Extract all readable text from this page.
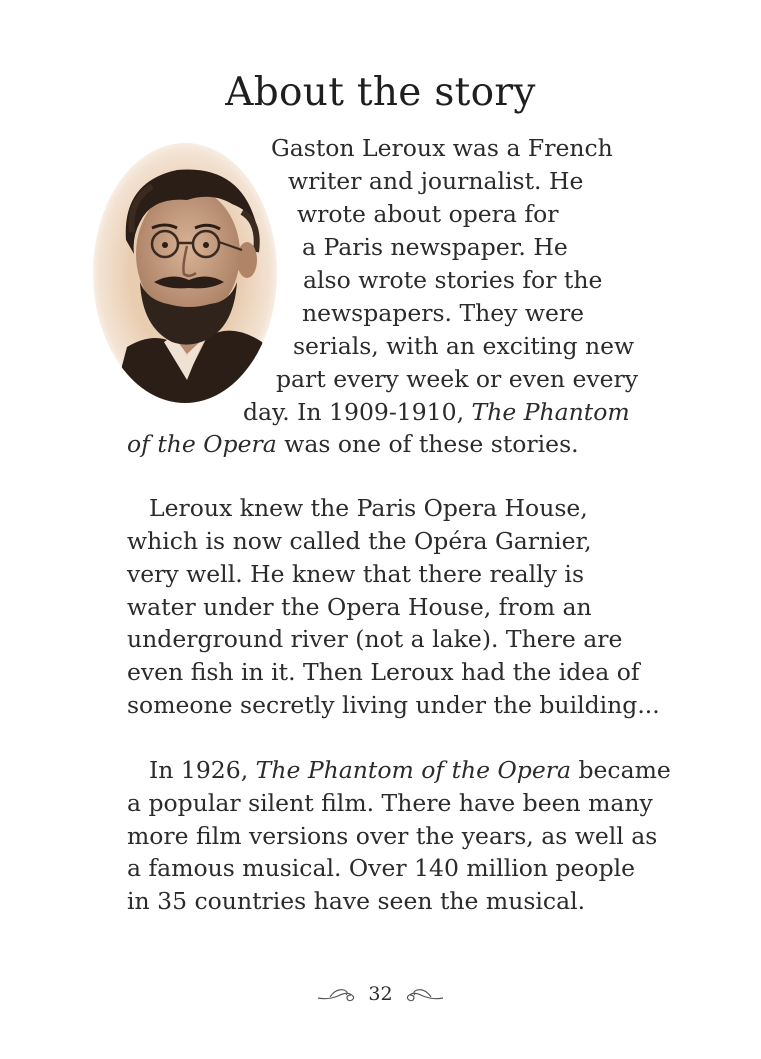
About the story
Gaston Leroux was a French
writer and journalist. He
wrote about opera for
a Paris newspaper. He
also wrote stories for the
newspapers. They were
serials, with an exciting new
part every week or even every
day. In 1909-1910, The Phantom
of the Opera was one of these stories.
Leroux knew the Paris Opera House,
which is now called the Opéra Garnier,
very well. He knew that there really is
water under the Opera House, from an
underground river (not a lake). There are
even fish in it. Then Leroux had the idea of
someone secretly living under the building...
In 1926, The Phantom of the Opera became
a popular silent film. There have been many
more film versions over the years, as well as
a famous musical. Over 140 million people
in 35 countries have seen the musical.
32
